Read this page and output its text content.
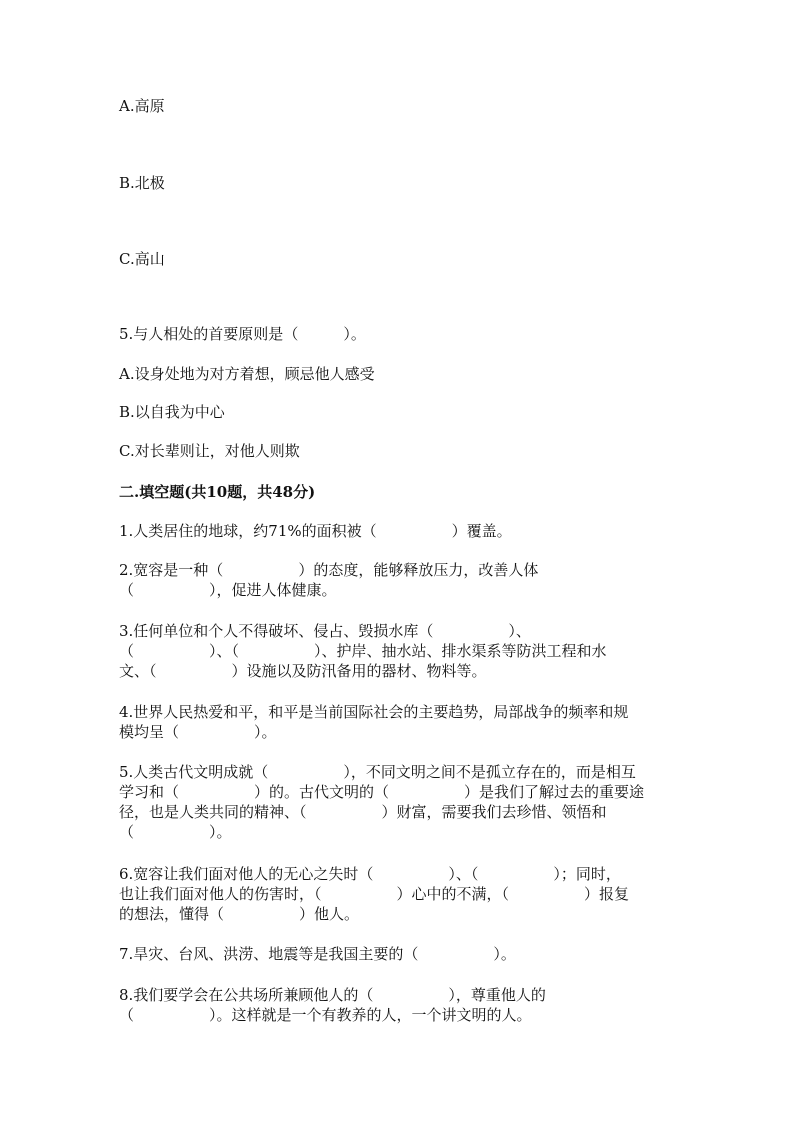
A.高原
B.北极
C.高山
5.与人相处的首要原则是（　　　）。
A.设身处地为对方着想，顾忌他人感受
B.以自我为中心
C.对长辈则让，对他人则欺
二.填空题(共10题，共48分)
1.人类居住的地球，约71%的面积被（　　　　　）覆盖。
2.宽容是一种（　　　　　）的态度，能够释放压力，改善人体
（　　　　　），促进人体健康。
3.任何单位和个人不得破坏、侵占、毁损水库（　　　　　）、
（　　　　　）、（　　　　　）、护岸、抽水站、排水渠系等防洪工程和水
文、（　　　　　）设施以及防汛备用的器材、物料等。
4.世界人民热爱和平，和平是当前国际社会的主要趋势，局部战争的频率和规
模均呈（　　　　　）。
5.人类古代文明成就（　　　　　），不同文明之间不是孤立存在的，而是相互
学习和（　　　　　）的。古代文明的（　　　　　）是我们了解过去的重要途
径，也是人类共同的精神、（　　　　　）财富，需要我们去珍惜、领悟和
（　　　　　）。
6.宽容让我们面对他人的无心之失时（　　　　　）、（　　　　　）；同时，
也让我们面对他人的伤害时，（　　　　　）心中的不满，（　　　　　）报复
的想法，懂得（　　　　　）他人。
7.旱灾、台风、洪涝、地震等是我国主要的（　　　　　）。
8.我们要学会在公共场所兼顾他人的（　　　　　），尊重他人的
（　　　　　）。这样就是一个有教养的人，一个讲文明的人。
